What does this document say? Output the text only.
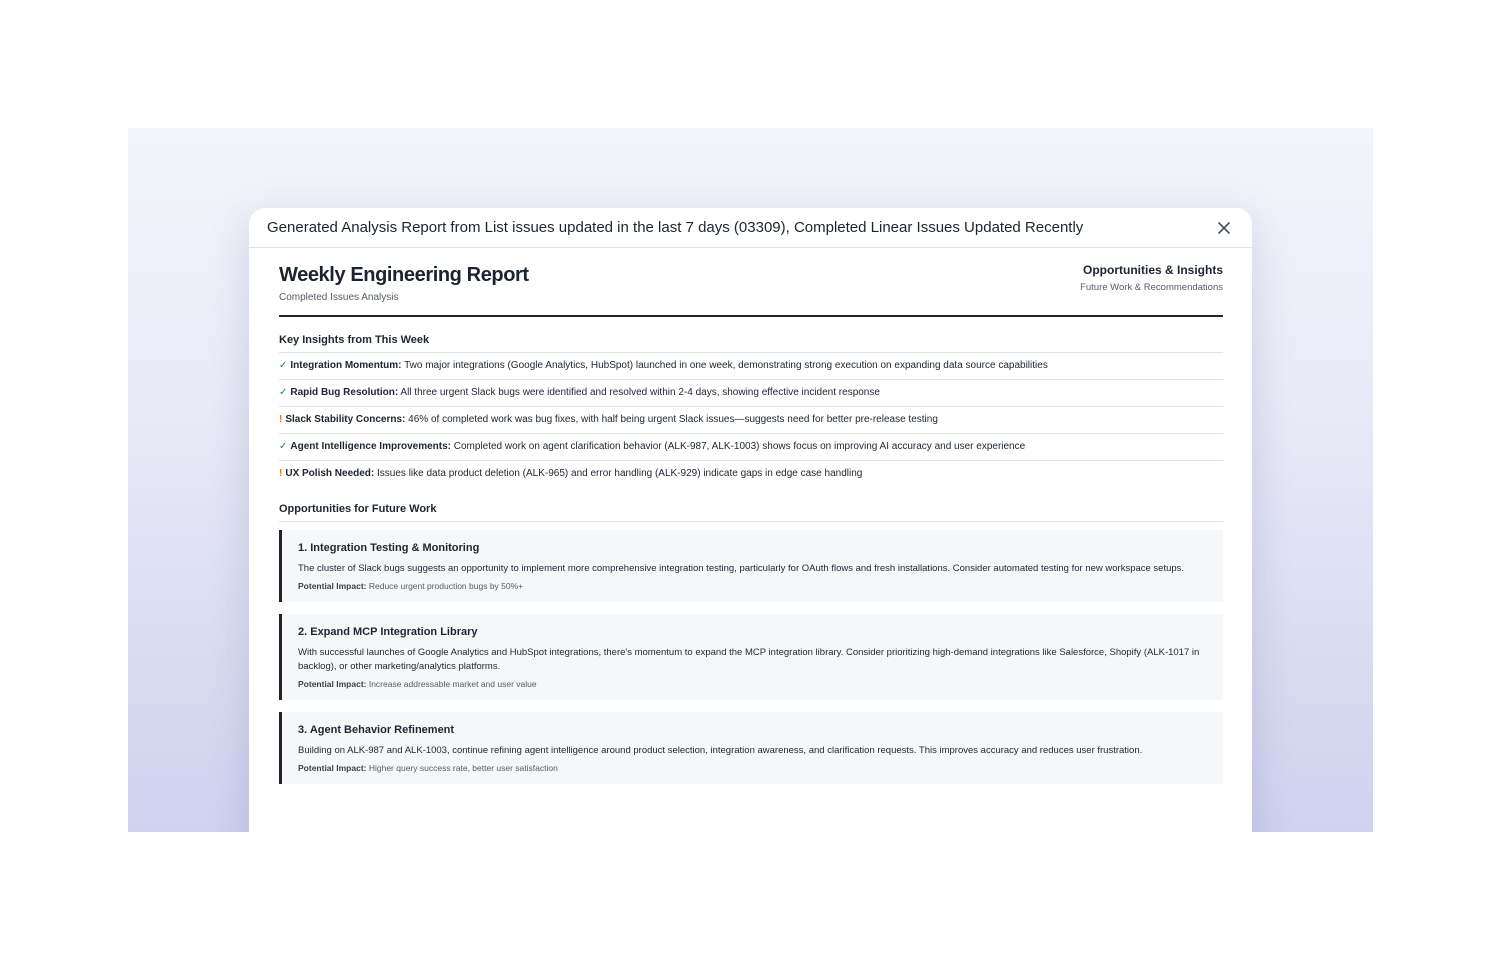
Generated Analysis Report from List issues updated in the last 7 days (03309), Completed Linear Issues Updated Recently
Weekly Engineering Report
Completed Issues Analysis
Opportunities & Insights
Future Work & Recommendations
Key Insights from This Week
✓ Integration Momentum: Two major integrations (Google Analytics, HubSpot) launched in one week, demonstrating strong execution on expanding data source capabilities
✓ Rapid Bug Resolution: All three urgent Slack bugs were identified and resolved within 2-4 days, showing effective incident response
! Slack Stability Concerns: 46% of completed work was bug fixes, with half being urgent Slack issues—suggests need for better pre-release testing
✓ Agent Intelligence Improvements: Completed work on agent clarification behavior (ALK-987, ALK-1003) shows focus on improving AI accuracy and user experience
! UX Polish Needed: Issues like data product deletion (ALK-965) and error handling (ALK-929) indicate gaps in edge case handling
Opportunities for Future Work
1. Integration Testing & Monitoring
The cluster of Slack bugs suggests an opportunity to implement more comprehensive integration testing, particularly for OAuth flows and fresh installations. Consider automated testing for new workspace setups.
Potential Impact: Reduce urgent production bugs by 50%+
2. Expand MCP Integration Library
With successful launches of Google Analytics and HubSpot integrations, there's momentum to expand the MCP integration library. Consider prioritizing high-demand integrations like Salesforce, Shopify (ALK-1017 in backlog), or other marketing/analytics platforms.
Potential Impact: Increase addressable market and user value
3. Agent Behavior Refinement
Building on ALK-987 and ALK-1003, continue refining agent intelligence around product selection, integration awareness, and clarification requests. This improves accuracy and reduces user frustration.
Potential Impact: Higher query success rate, better user satisfaction
